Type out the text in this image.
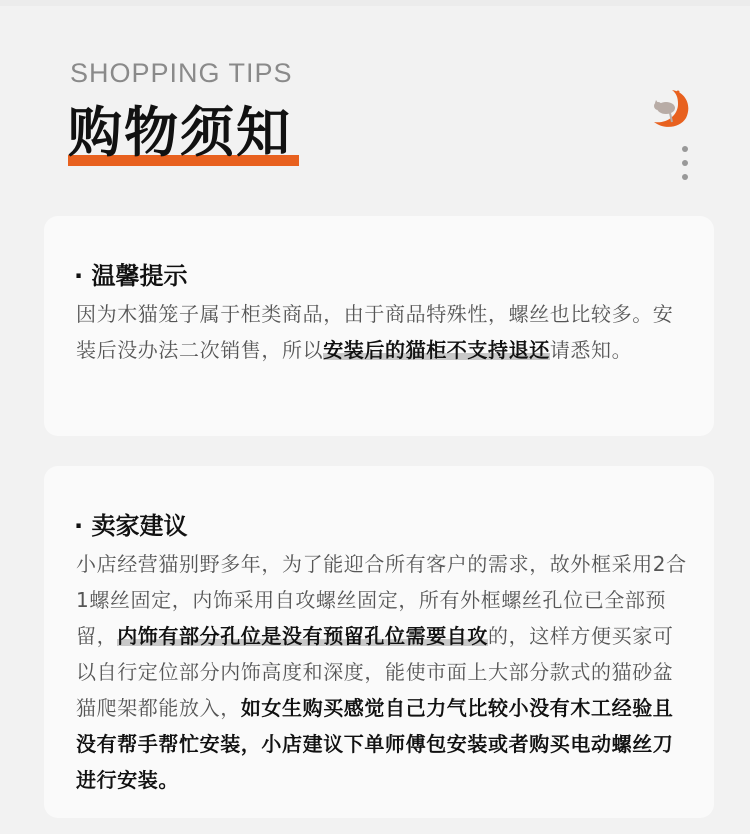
SHOPPING TIPS
购物须知
· 温馨提示
因为木猫笼子属于柜类商品，由于商品特殊性，螺丝也比较多。安装后没办法二次销售，所以安装后的猫柜不支持退还请悉知。
· 卖家建议
小店经营猫别野多年，为了能迎合所有客户的需求，故外框采用2合1螺丝固定，内饰采用自攻螺丝固定，所有外框螺丝孔位已全部预留，内饰有部分孔位是没有预留孔位需要自攻的，这样方便买家可以自行定位部分内饰高度和深度，能使市面上大部分款式的猫砂盆猫爬架都能放入，如女生购买感觉自己力气比较小没有木工经验且没有帮手帮忙安装，小店建议下单师傅包安装或者购买电动螺丝刀进行安装。
